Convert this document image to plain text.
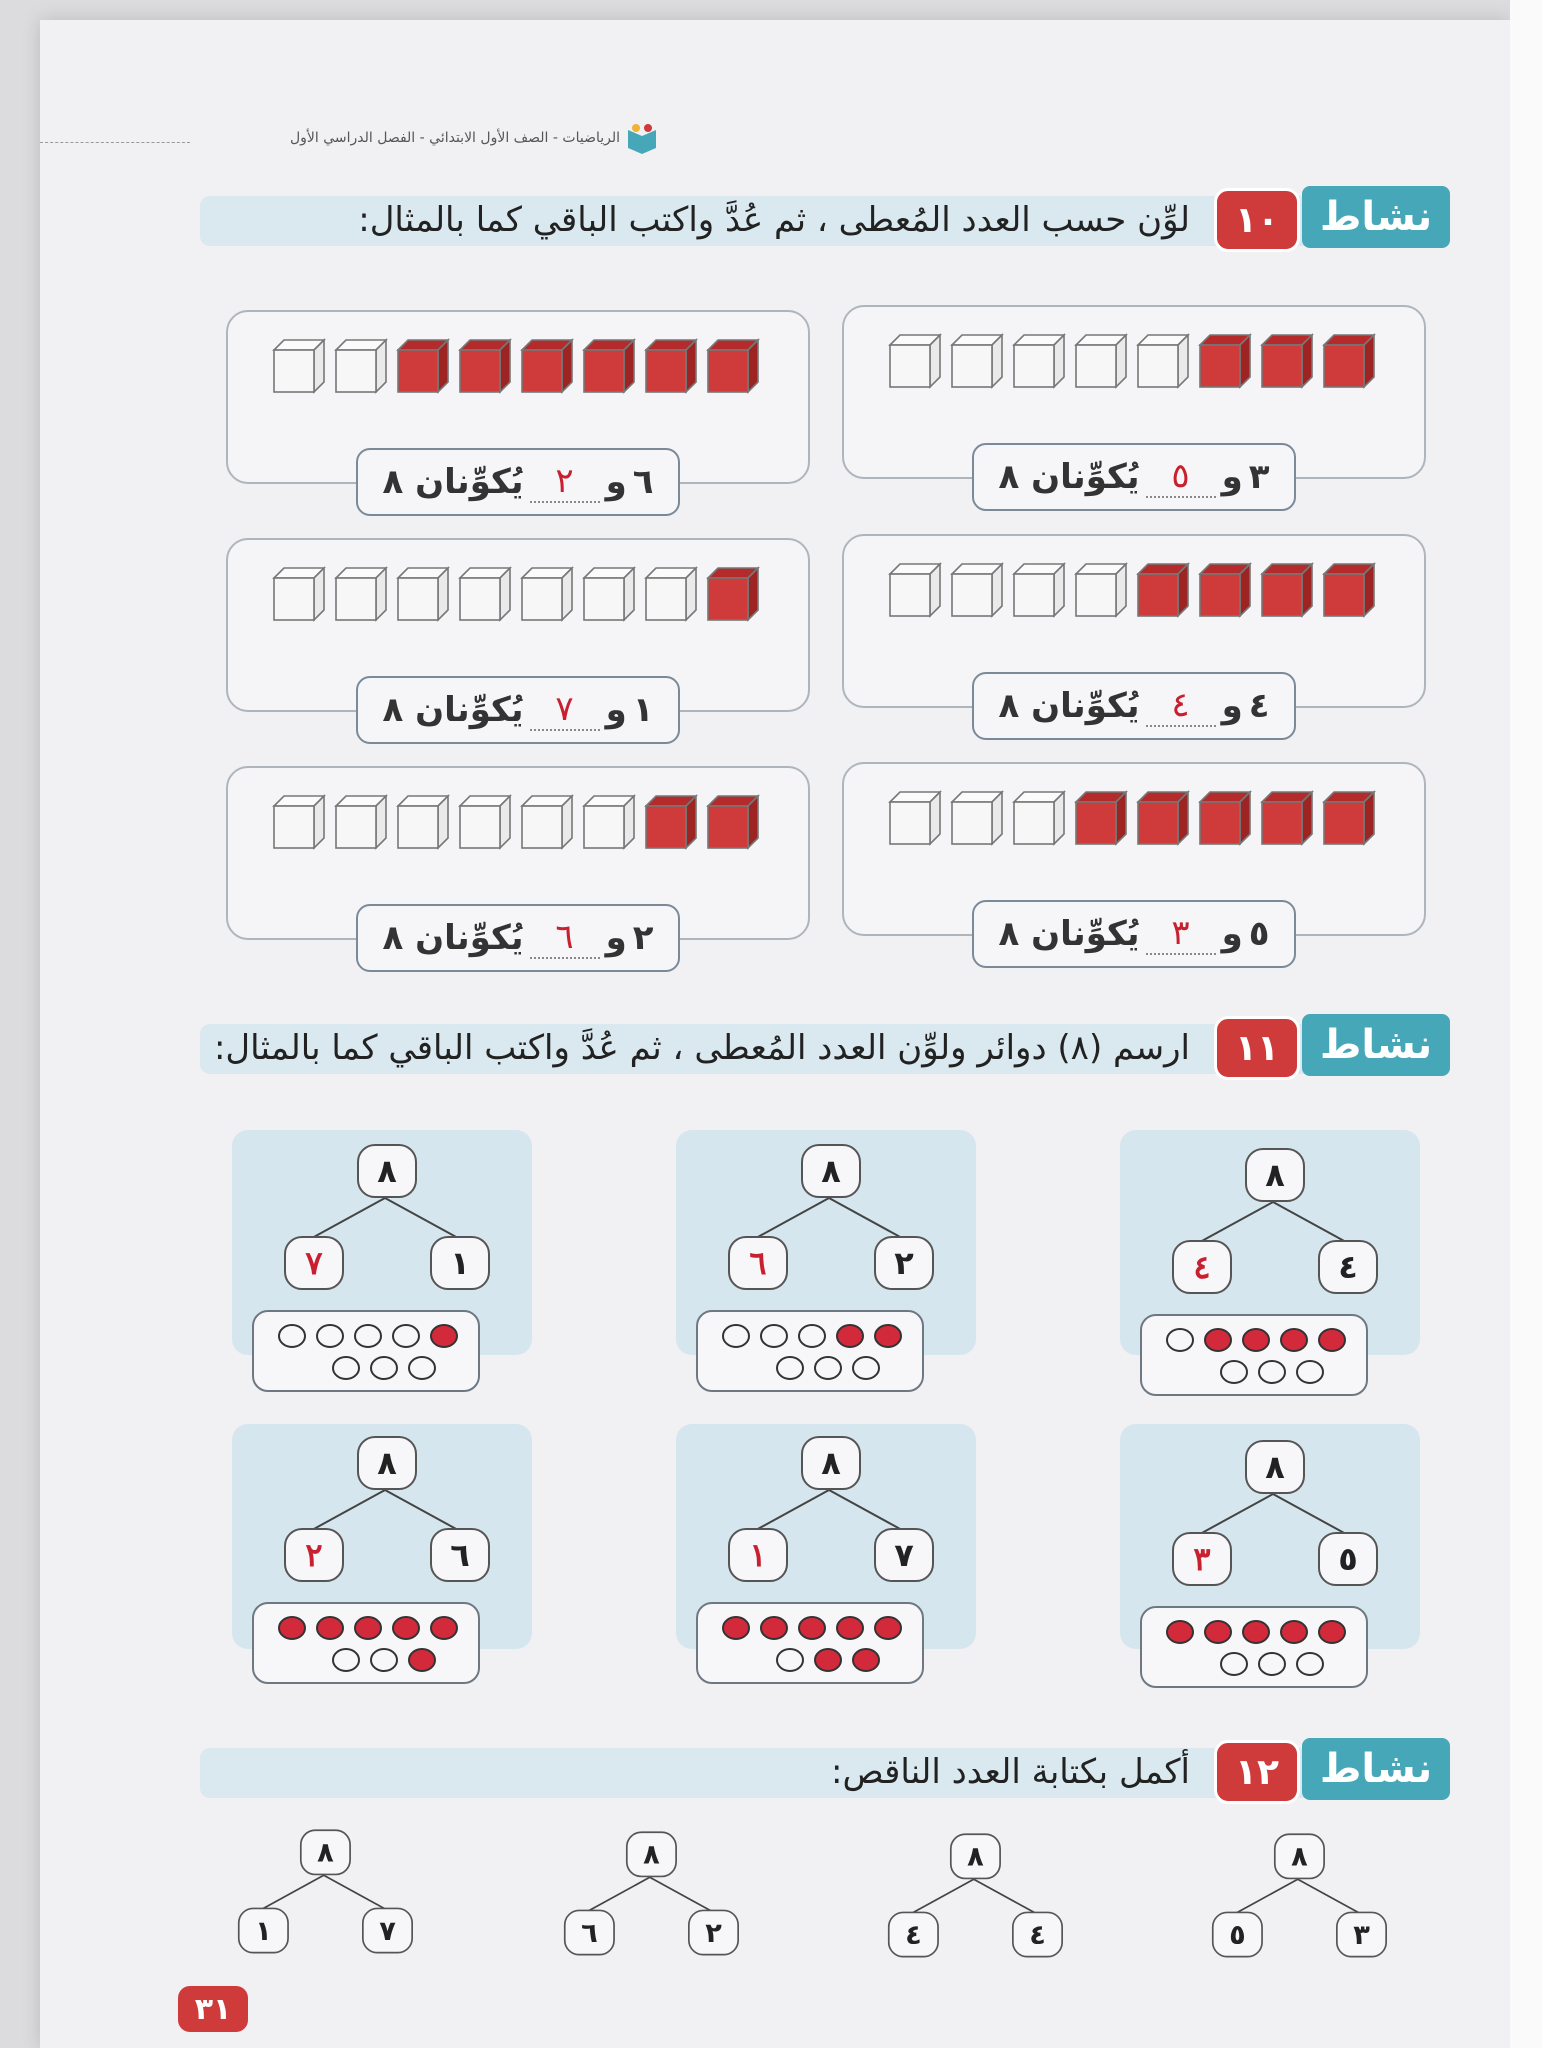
الرياضيات - الصف الأول الابتدائي - الفصل الدراسي الأول
لوِّن حسب العدد المُعطى ، ثم عُدَّ واكتب الباقي كما بالمثال:	١٠	نشاط
٣
و
٥
يُكوِّنان ٨
٦
و
٢
يُكوِّنان ٨
٤
و
٤
يُكوِّنان ٨
١
و
٧
يُكوِّنان ٨
٥
و
٣
يُكوِّنان ٨
٢
و
٦
يُكوِّنان ٨
ارسم (٨) دوائر ولوِّن العدد المُعطى ، ثم عُدَّ واكتب الباقي كما بالمثال:	١١	نشاط
٨
٤
٤
٨
٢
٦
٨
١
٧
٨
٥
٣
٨
٧
١
٨
٦
٢
أكمل بكتابة العدد الناقص:	١٢	نشاط
٨
٣
٥
٨
٤
٤
٨
٢
٦
٨
٧
١
٣١
